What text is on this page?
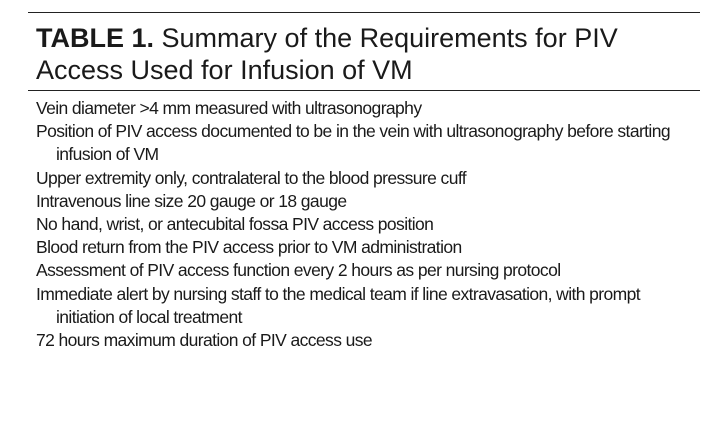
TABLE 1. Summary of the Requirements for PIV
Access Used for Infusion of VM
Vein diameter >4 mm measured with ultrasonography
Position of PIV access documented to be in the vein with ultrasonography before starting infusion of VM
Upper extremity only, contralateral to the blood pressure cuff
Intravenous line size 20 gauge or 18 gauge
No hand, wrist, or antecubital fossa PIV access position
Blood return from the PIV access prior to VM administration
Assessment of PIV access function every 2 hours as per nursing protocol
Immediate alert by nursing staff to the medical team if line extravasation, with prompt initiation of local treatment
72 hours maximum duration of PIV access use
